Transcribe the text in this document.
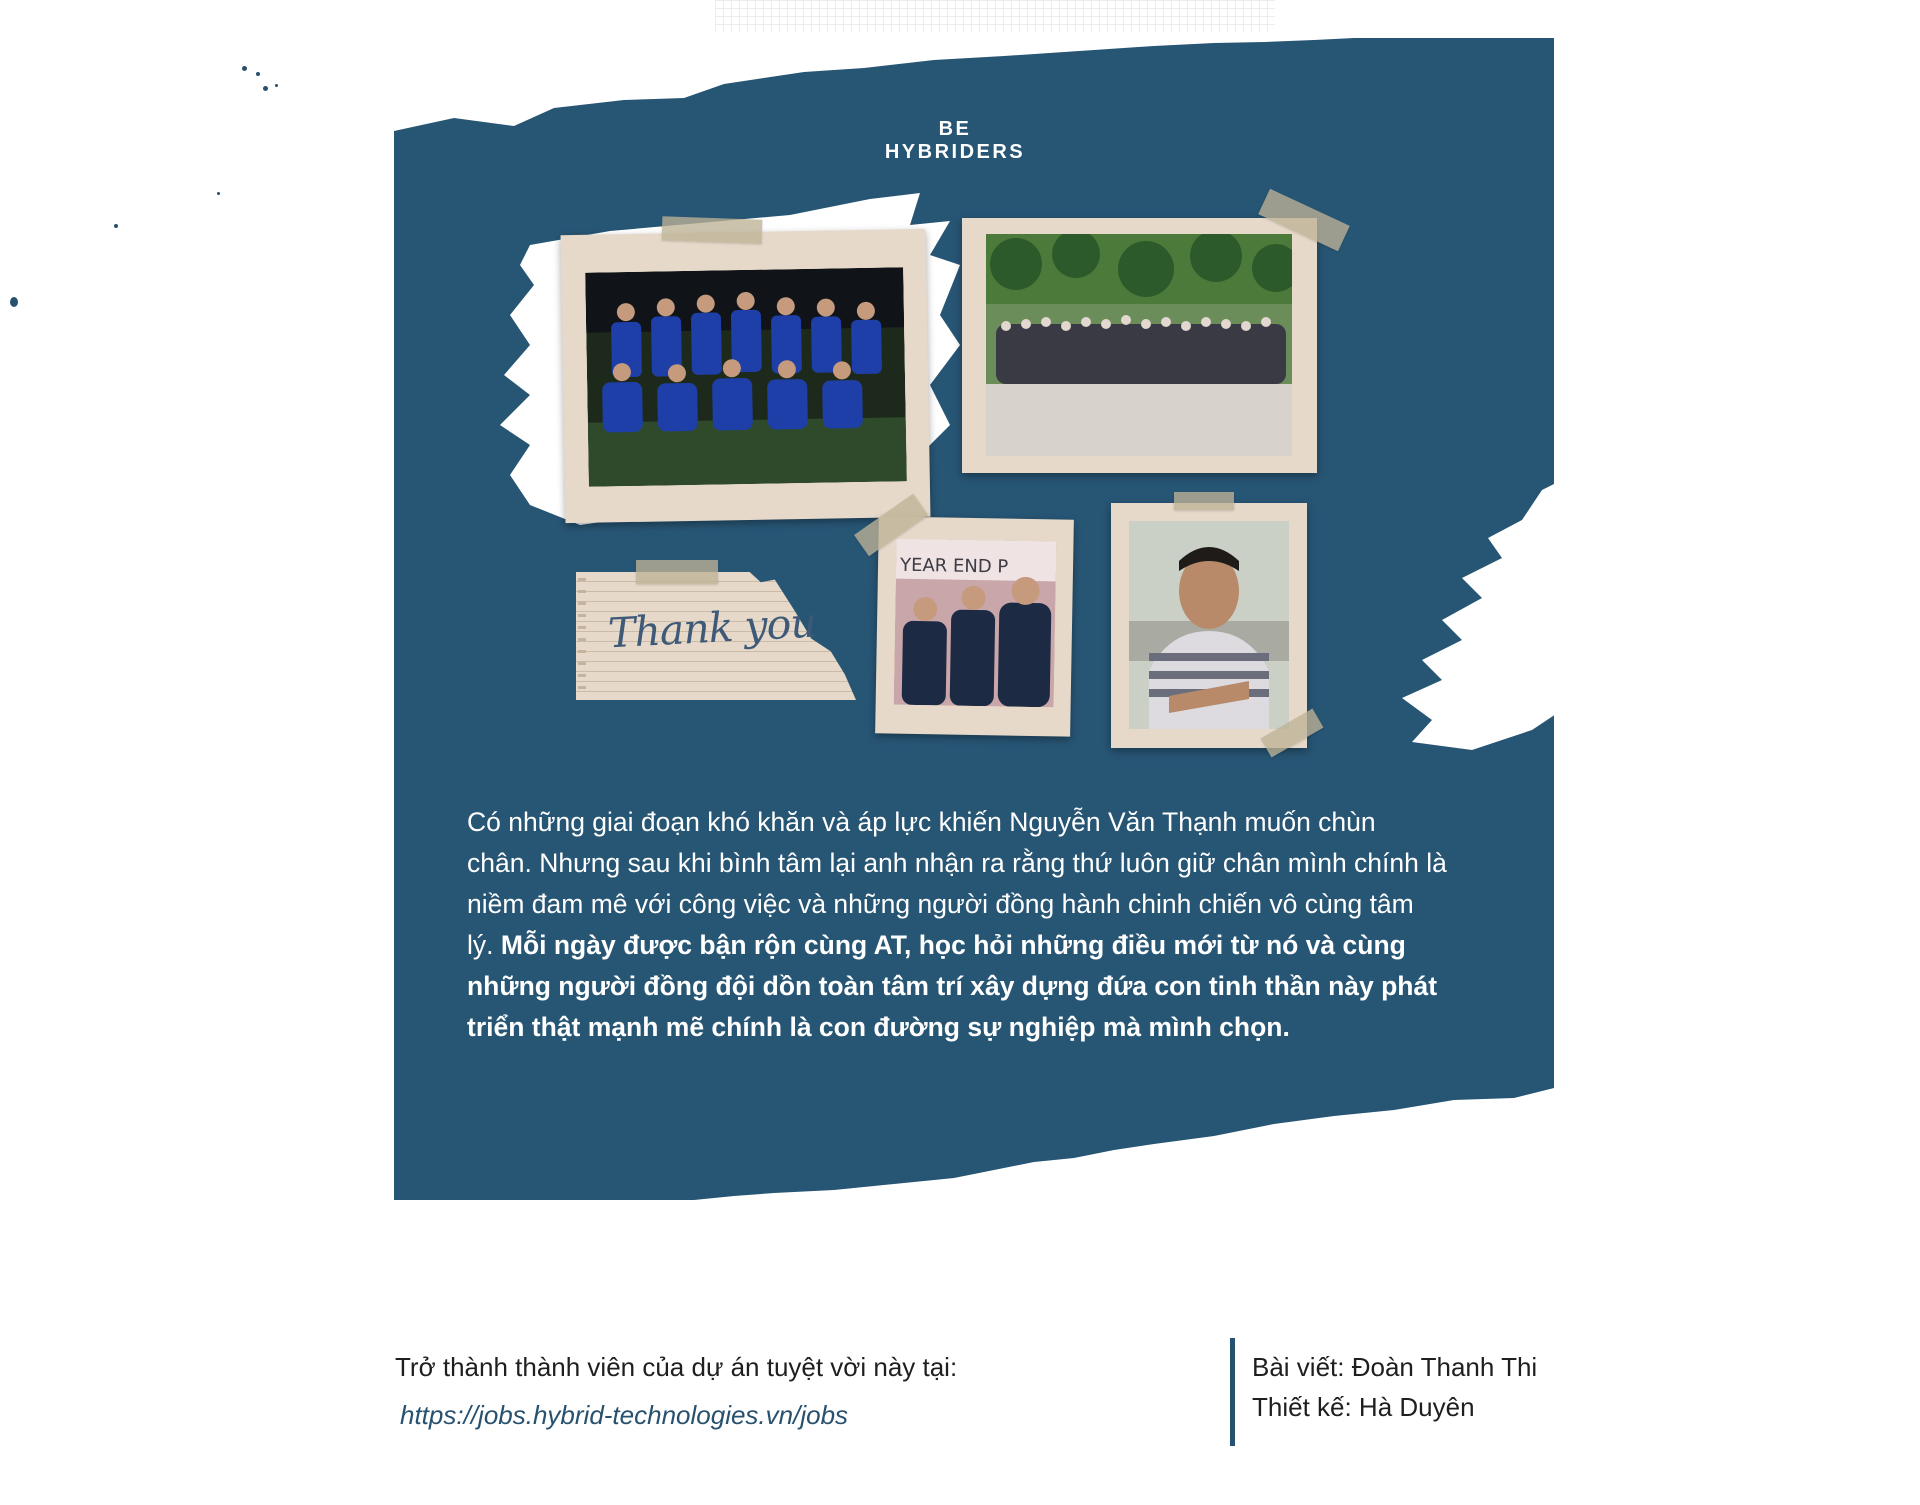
BE HYBRIDERS
Thank you
YEAR END P
Có những giai đoạn khó khăn và áp lực khiến Nguyễn Văn Thạnh muốn chùn chân. Nhưng sau khi bình tâm lại anh nhận ra rằng thứ luôn giữ chân mình chính là niềm đam mê với công việc và những người đồng hành chinh chiến vô cùng tâm lý. Mỗi ngày được bận rộn cùng AT, học hỏi những điều mới từ nó và cùng những người đồng đội dồn toàn tâm trí xây dựng đứa con tinh thần này phát triển thật mạnh mẽ chính là con đường sự nghiệp mà mình chọn.
Trở thành thành viên của dự án tuyệt vời này tại:
https://jobs.hybrid-technologies.vn/jobs
Bài viết: Đoàn Thanh Thi
Thiết kế: Hà Duyên
